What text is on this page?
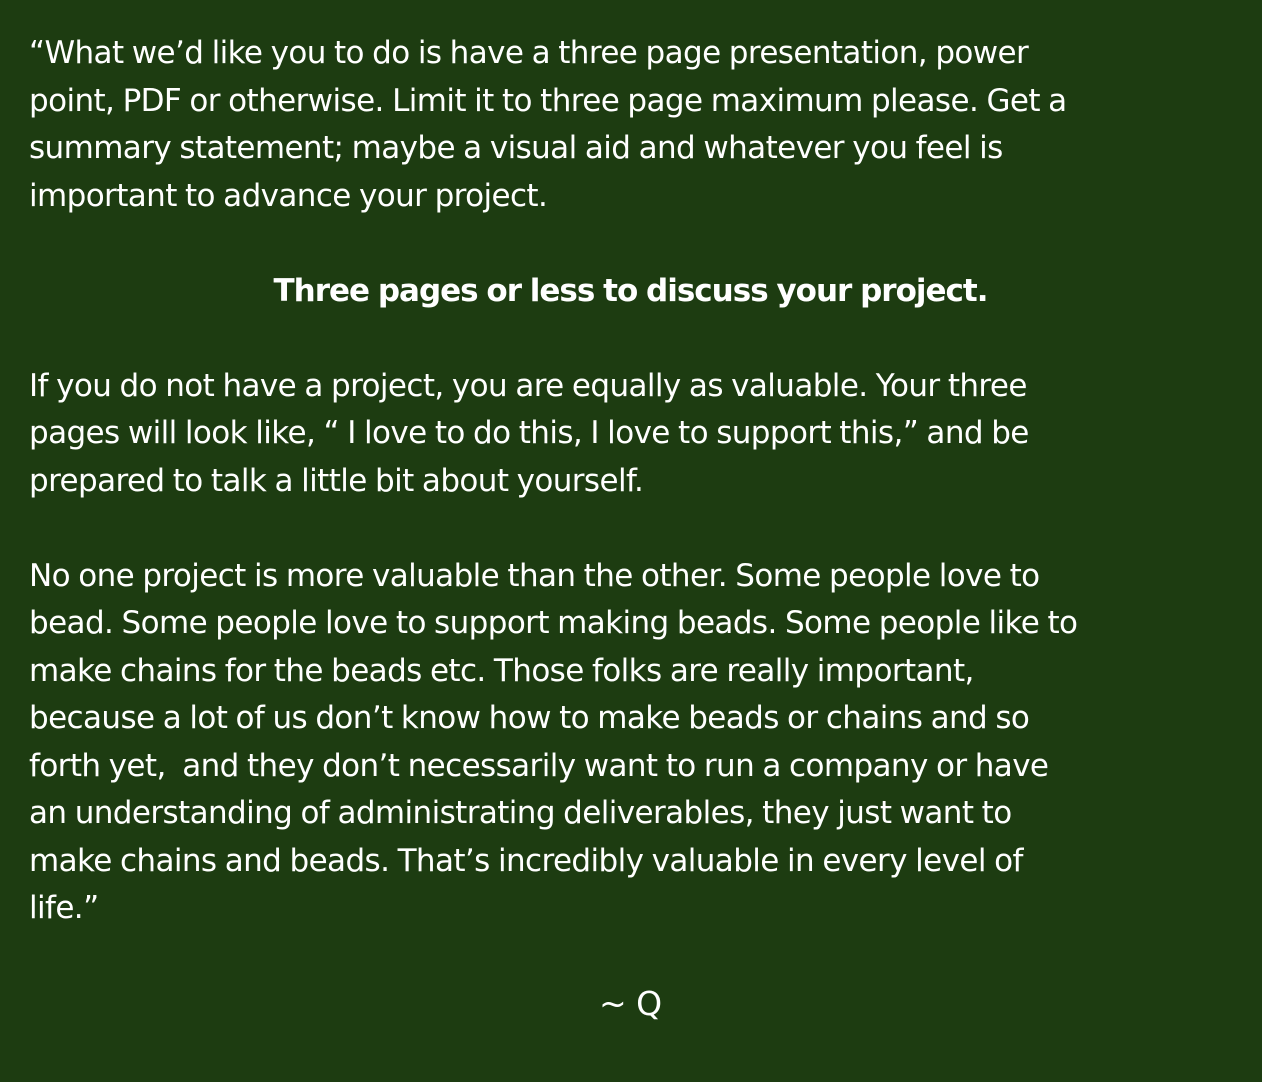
“What we’d like you to do is have a three page presentation, power
point, PDF or otherwise. Limit it to three page maximum please. Get a
summary statement; maybe a visual aid and whatever you feel is
important to advance your project.

Three pages or less to discuss your project.

If you do not have a project, you are equally as valuable. Your three
pages will look like, “ I love to do this, I love to support this,” and be
prepared to talk a little bit about yourself.

No one project is more valuable than the other. Some people love to
bead. Some people love to support making beads. Some people like to
make chains for the beads etc. Those folks are really important,
because a lot of us don’t know how to make beads or chains and so
forth yet,  and they don’t necessarily want to run a company or have
an understanding of administrating deliverables, they just want to
make chains and beads. That’s incredibly valuable in every level of
life.”

~ Q
